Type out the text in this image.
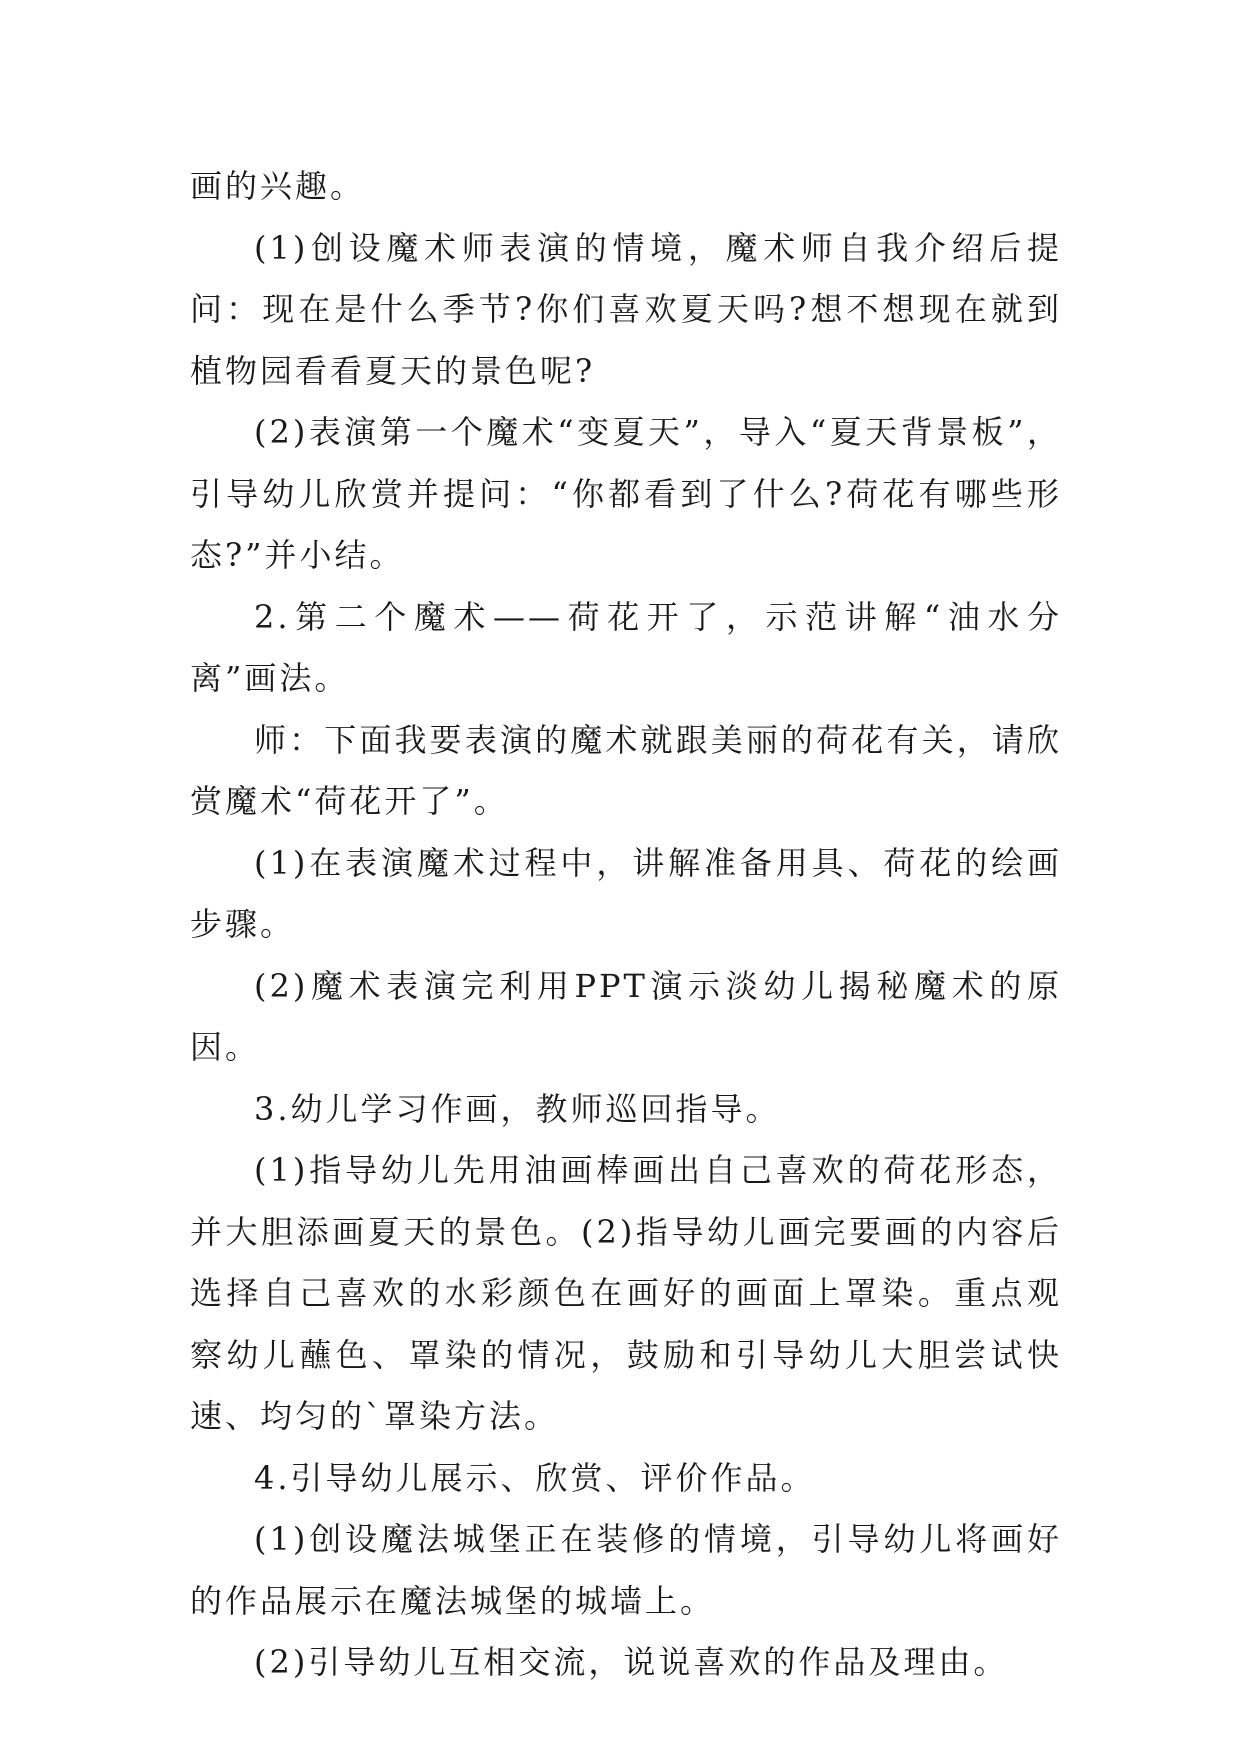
画的兴趣。

(1)创设魔术师表演的情境，魔术师自我介绍后提问：现在是什么季节?你们喜欢夏天吗?想不想现在就到植物园看看夏天的景色呢?

(2)表演第一个魔术“变夏天”，导入“夏天背景板”，引导幼儿欣赏并提问：“你都看到了什么?荷花有哪些形态?”并小结。

2.第二个魔术——荷花开了，示范讲解“油水分离”画法。

师：下面我要表演的魔术就跟美丽的荷花有关，请欣赏魔术“荷花开了”。

(1)在表演魔术过程中，讲解准备用具、荷花的绘画步骤。

(2)魔术表演完利用PPT演示淡幼儿揭秘魔术的原因。

3.幼儿学习作画，教师巡回指导。

(1)指导幼儿先用油画棒画出自己喜欢的荷花形态，并大胆添画夏天的景色。(2)指导幼儿画完要画的内容后选择自己喜欢的水彩颜色在画好的画面上罩染。重点观察幼儿蘸色、罩染的情况，鼓励和引导幼儿大胆尝试快速、均匀的`罩染方法。

4.引导幼儿展示、欣赏、评价作品。

(1)创设魔法城堡正在装修的情境，引导幼儿将画好的作品展示在魔法城堡的城墙上。

(2)引导幼儿互相交流，说说喜欢的作品及理由。
